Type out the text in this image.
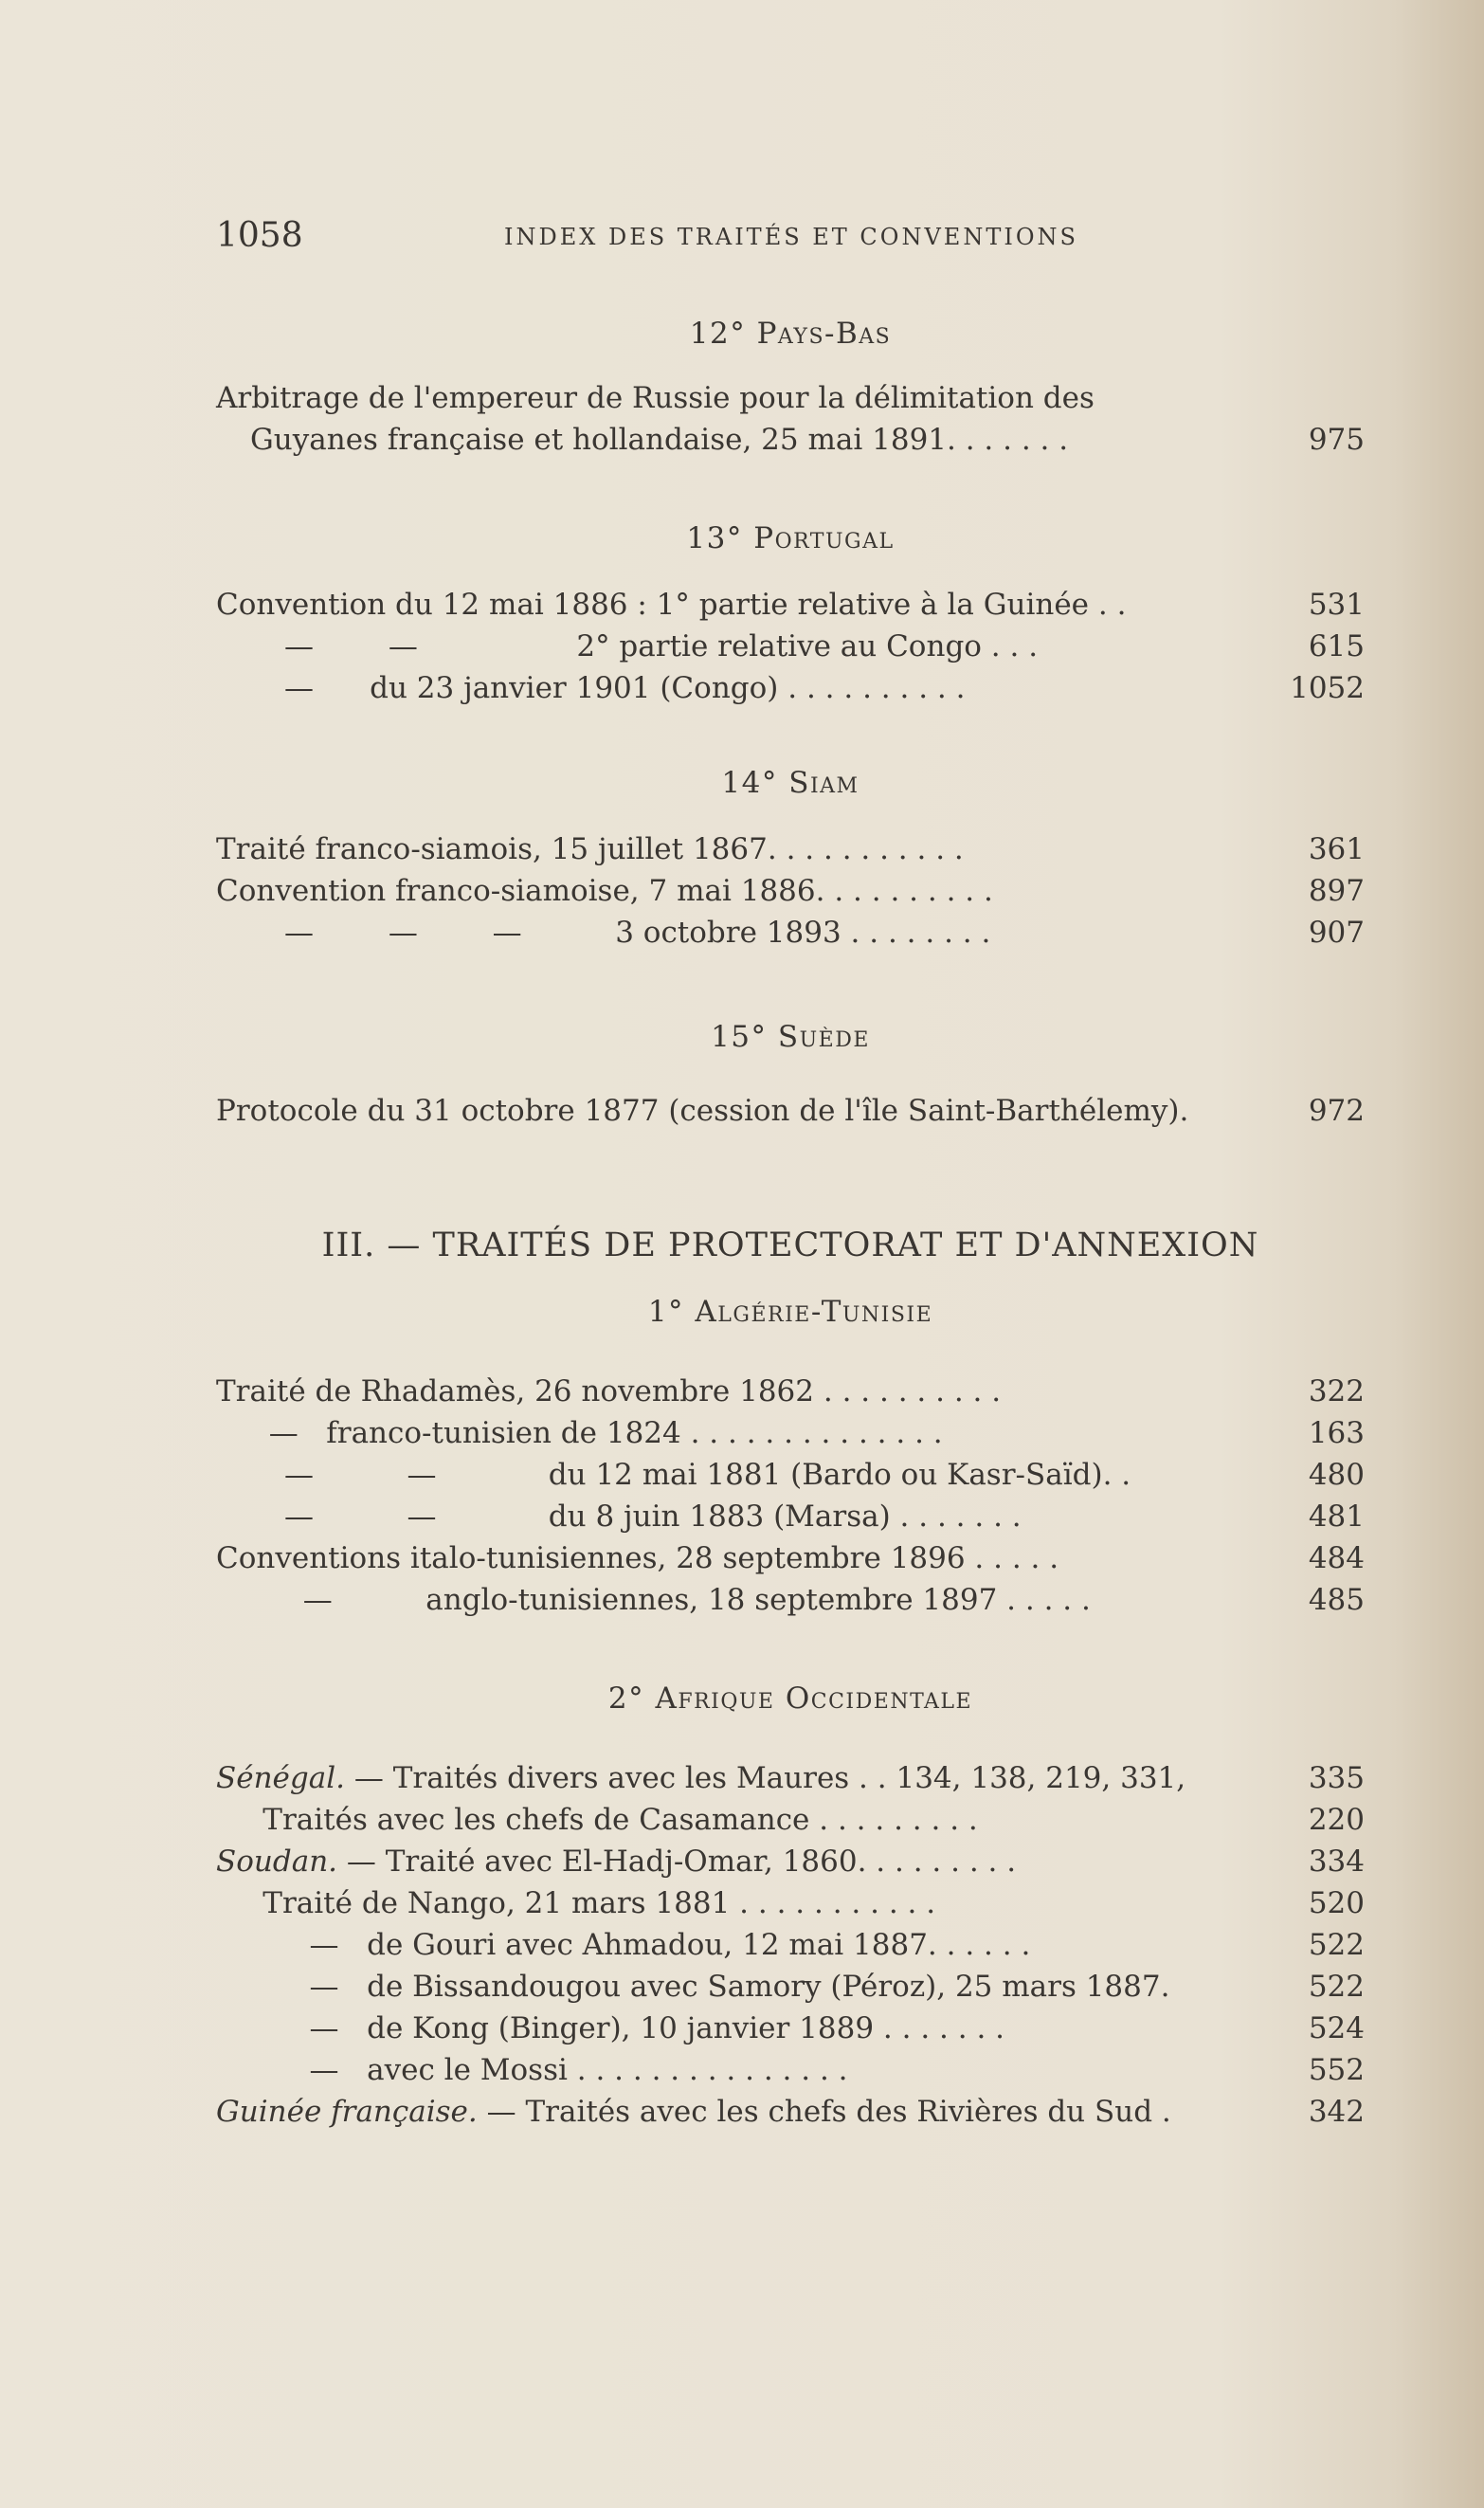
1058	INDEX DES TRAITÉS ET CONVENTIONS
12° Pays-Bas
Arbitrage de l'empereur de Russie pour la délimitation des
Guyanes française et hollandaise, 25 mai 1891. . . . . . .	975
13° Portugal
Convention du 12 mai 1886 : 1° partie relative à la Guinée . .	531
—        —                 2° partie relative au Congo . . .	615
—      du 23 janvier 1901 (Congo) . . . . . . . . . .	1052
14° Siam
Traité franco-siamois, 15 juillet 1867. . . . . . . . . . .	361
Convention franco-siamoise, 7 mai 1886. . . . . . . . . .	897
—        —        —          3 octobre 1893 . . . . . . . .	907
15° Suède
Protocole du 31 octobre 1877 (cession de l'île Saint-Barthélemy).	972
III. — TRAITÉS DE PROTECTORAT ET D'ANNEXION
1° Algérie-Tunisie
Traité de Rhadamès, 26 novembre 1862 . . . . . . . . . .	322
—   franco-tunisien de 1824 . . . . . . . . . . . . . .	163
—          —            du 12 mai 1881 (Bardo ou Kasr-Saïd). .	480
—          —            du 8 juin 1883 (Marsa) . . . . . . .	481
Conventions italo-tunisiennes, 28 septembre 1896 . . . . .	484
—          anglo-tunisiennes, 18 septembre 1897 . . . . .	485
2° Afrique Occidentale
Sénégal. — Traités divers avec les Maures . . 134, 138, 219, 331,	335
Traités avec les chefs de Casamance . . . . . . . . .	220
Soudan. — Traité avec El-Hadj-Omar, 1860. . . . . . . . .	334
Traité de Nango, 21 mars 1881 . . . . . . . . . . .	520
—   de Gouri avec Ahmadou, 12 mai 1887. . . . . .	522
—   de Bissandougou avec Samory (Péroz), 25 mars 1887.	522
—   de Kong (Binger), 10 janvier 1889 . . . . . . .	524
—   avec le Mossi . . . . . . . . . . . . . . .	552
Guinée française. — Traités avec les chefs des Rivières du Sud .	342
